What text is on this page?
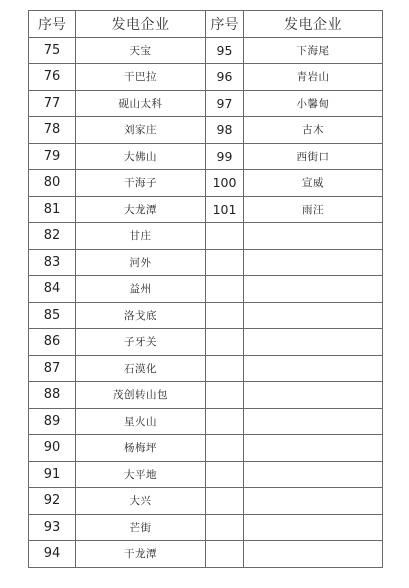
序号	发电企业	序号	发电企业
75	天宝	95	下海尾
76	干巴拉	96	青岩山
77	砚山太科	97	小馨甸
78	刘家庄	98	古木
79	大佛山	99	西街口
80	干海子	100	宣威
81	大龙潭	101	雨汪
82	甘庄		
83	河外		
84	益州		
85	洛戈底		
86	子牙关		
87	石漠化		
88	茂创转山包		
89	星火山		
90	杨梅坪		
91	大平地		
92	大兴		
93	芒街		
94	干龙潭		
